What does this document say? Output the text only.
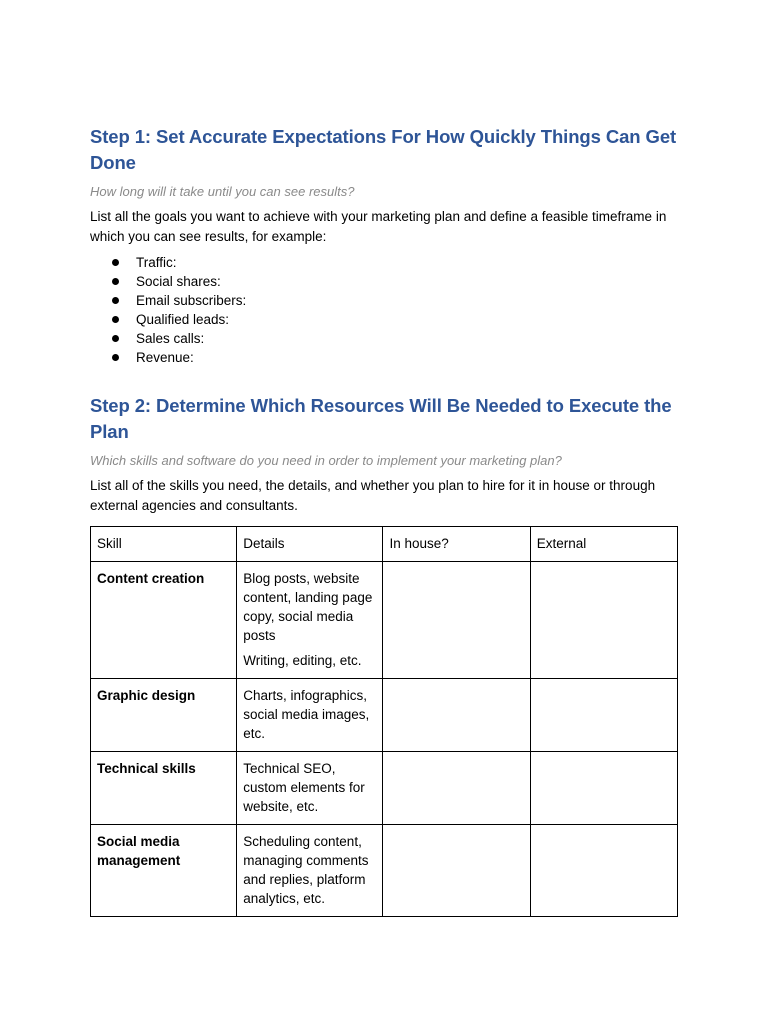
Step 1: Set Accurate Expectations For How Quickly Things Can Get Done

How long will it take until you can see results?

List all the goals you want to achieve with your marketing plan and define a feasible timeframe in which you can see results, for example:

Traffic:
Social shares:
Email subscribers:
Qualified leads:
Sales calls:
Revenue:
Step 2: Determine Which Resources Will Be Needed to Execute the Plan

Which skills and software do you need in order to implement your marketing plan?

List all of the skills you need, the details, and whether you plan to hire for it in house or through external agencies and consultants.

Skill	Details	In house?	External
Content creation	Blog posts, website content, landing page copy, social media posts
Writing, editing, etc.		

Graphic design	Charts, infographics, social media images, etc.		
Technical skills	Technical SEO, custom elements for website, etc.		
Social media management	Scheduling content, managing comments and replies, platform analytics, etc.		
